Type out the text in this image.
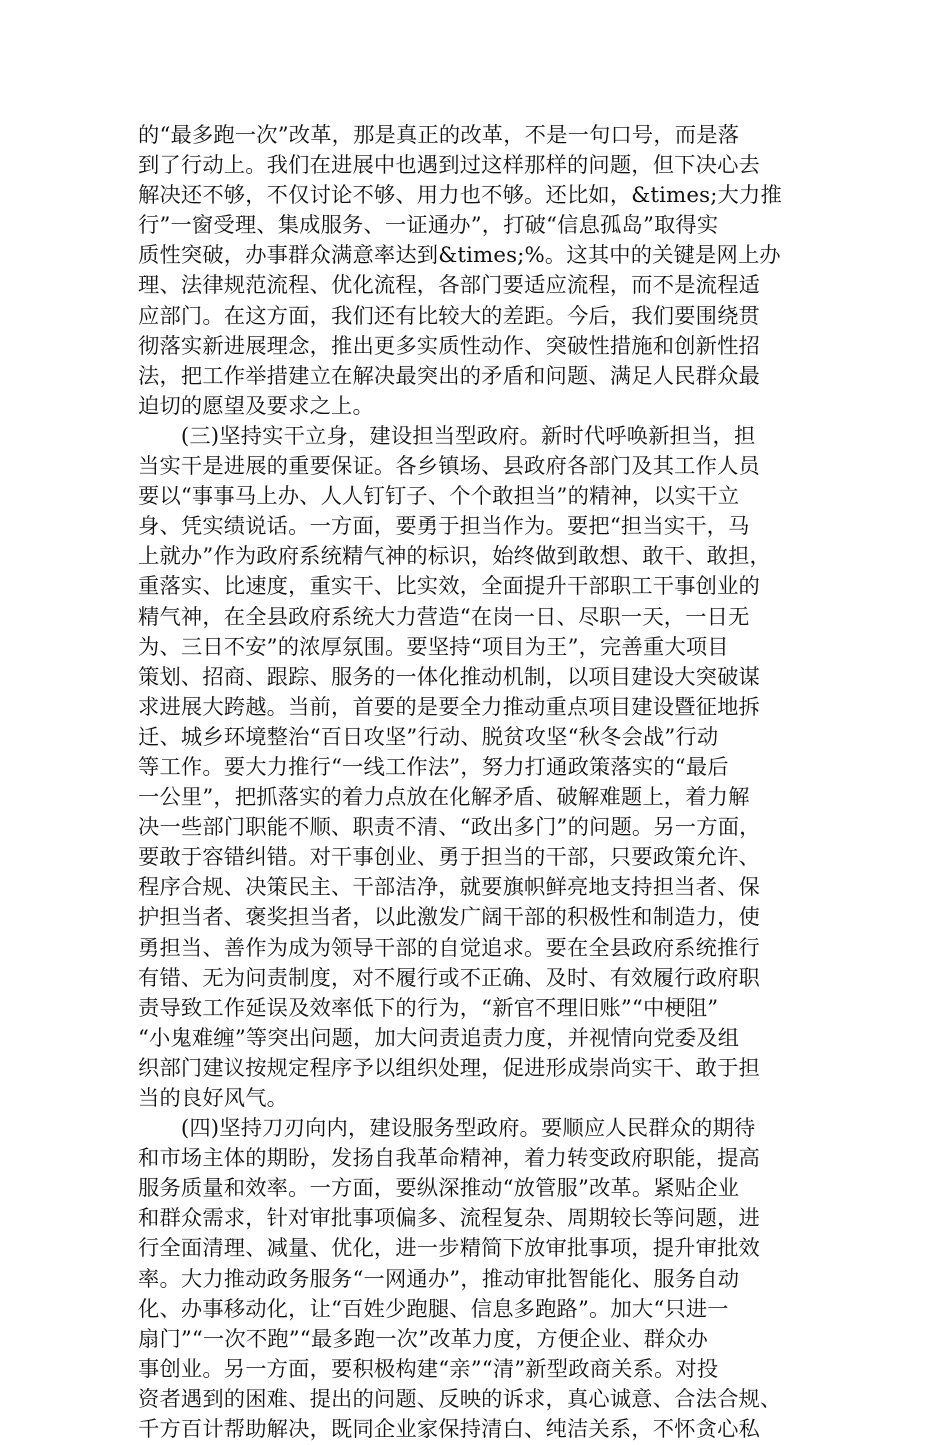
的“最多跑一次”改革，那是真正的改革，不是一句口号，而是落
到了行动上。我们在进展中也遇到过这样那样的问题，但下决心去
解决还不够，不仅讨论不够、用力也不够。还比如，&times;大力推
行”一窗受理、集成服务、一证通办”，打破“信息孤岛”取得实
质性突破，办事群众满意率达到&times;%。这其中的关键是网上办
理、法律规范流程、优化流程，各部门要适应流程，而不是流程适
应部门。在这方面，我们还有比较大的差距。今后，我们要围绕贯
彻落实新进展理念，推出更多实质性动作、突破性措施和创新性招
法，把工作举措建立在解决最突出的矛盾和问题、满足人民群众最
迫切的愿望及要求之上。
　　(三)坚持实干立身，建设担当型政府。新时代呼唤新担当，担
当实干是进展的重要保证。各乡镇场、县政府各部门及其工作人员
要以“事事马上办、人人钉钉子、个个敢担当”的精神，以实干立
身、凭实绩说话。一方面，要勇于担当作为。要把“担当实干，马
上就办”作为政府系统精气神的标识，始终做到敢想、敢干、敢担，
重落实、比速度，重实干、比实效，全面提升干部职工干事创业的
精气神，在全县政府系统大力营造“在岗一日、尽职一天，一日无
为、三日不安”的浓厚氛围。要坚持“项目为王”，完善重大项目
策划、招商、跟踪、服务的一体化推动机制，以项目建设大突破谋
求进展大跨越。当前，首要的是要全力推动重点项目建设暨征地拆
迁、城乡环境整治“百日攻坚”行动、脱贫攻坚“秋冬会战”行动
等工作。要大力推行“一线工作法”，努力打通政策落实的“最后
一公里”，把抓落实的着力点放在化解矛盾、破解难题上，着力解
决一些部门职能不顺、职责不清、“政出多门”的问题。另一方面，
要敢于容错纠错。对干事创业、勇于担当的干部，只要政策允许、
程序合规、决策民主、干部洁净，就要旗帜鲜亮地支持担当者、保
护担当者、褒奖担当者，以此激发广阔干部的积极性和制造力，使
勇担当、善作为成为领导干部的自觉追求。要在全县政府系统推行
有错、无为问责制度，对不履行或不正确、及时、有效履行政府职
责导致工作延误及效率低下的行为，“新官不理旧账”“中梗阻”
“小鬼难缠”等突出问题，加大问责追责力度，并视情向党委及组
织部门建议按规定程序予以组织处理，促进形成崇尚实干、敢于担
当的良好风气。
　　(四)坚持刀刃向内，建设服务型政府。要顺应人民群众的期待
和市场主体的期盼，发扬自我革命精神，着力转变政府职能，提高
服务质量和效率。一方面，要纵深推动“放管服”改革。紧贴企业
和群众需求，针对审批事项偏多、流程复杂、周期较长等问题，进
行全面清理、减量、优化，进一步精简下放审批事项，提升审批效
率。大力推动政务服务“一网通办”，推动审批智能化、服务自动
化、办事移动化，让“百姓少跑腿、信息多跑路”。加大“只进一
扇门”“一次不跑”“最多跑一次”改革力度，方便企业、群众办
事创业。另一方面，要积极构建“亲”“清”新型政商关系。对投
资者遇到的困难、提出的问题、反映的诉求，真心诚意、合法合规、
千方百计帮助解决，既同企业家保持清白、纯洁关系，不怀贪心私
